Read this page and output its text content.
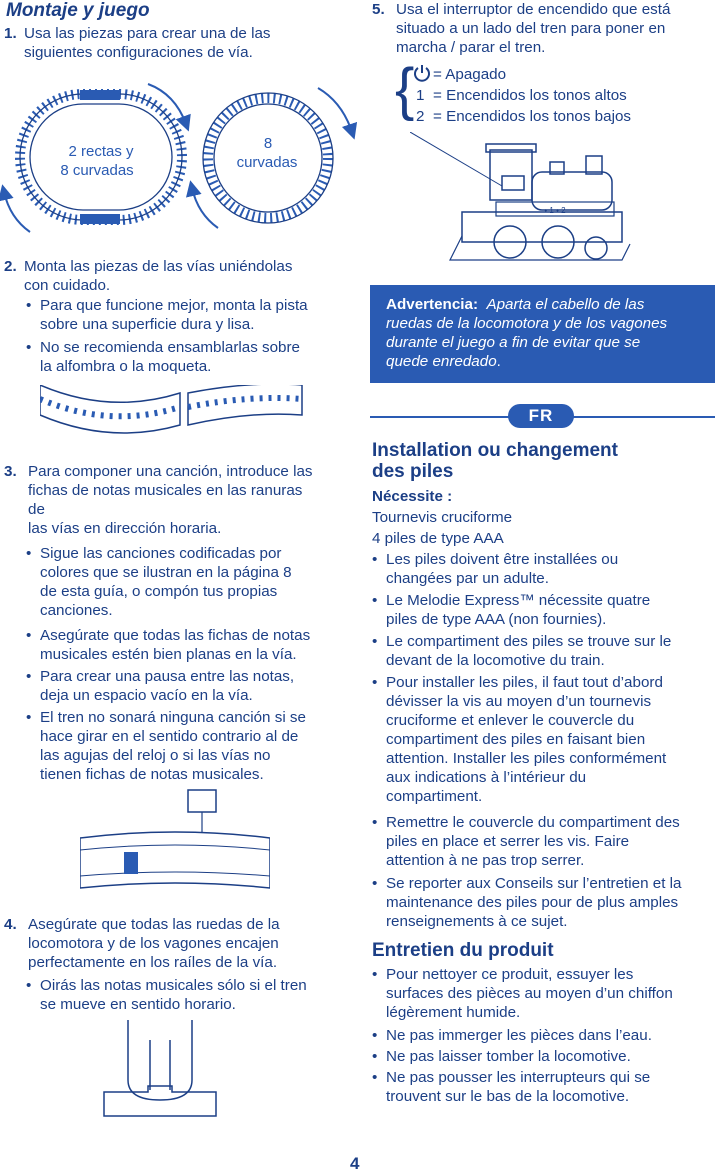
Montaje y juego
1. Usa las piezas para crear una de las
siguientes configuraciones de vía.
2 rectas y
8 curvadas
8
curvadas
2. Monta las piezas de las vías uniéndolas
con cuidado.
• Para que funcione mejor, monta la pista
sobre una superficie dura y lisa.
• No se recomienda ensamblarlas sobre
la alfombra o la moqueta.
3. Para componer una canción, introduce las
fichas de notas musicales en las ranuras
de
las vías en dirección horaria.
• Sigue las canciones codificadas por
colores que se ilustran en la página 8
de esta guía, o compón tus propias
canciones.
• Asegúrate que todas las fichas de notas
musicales estén bien planas en la vía.
• Para crear una pausa entre las notas,
deja un espacio vacío en la vía.
• El tren no sonará ninguna canción si se
hace girar en el sentido contrario al de
las agujas del reloj o si las vías no
tienen fichas de notas musicales.
4. Asegúrate que todas las ruedas de la
locomotora y de los vagones encajen
perfectamente en los raíles de la vía.
• Oirás las notas musicales sólo si el tren
se mueve en sentido horario.
5. Usa el interruptor de encendido que está
situado a un lado del tren para poner en
marcha / parar el tren.
{ = Apagado
1 = Encendidos los tonos altos
2 = Encendidos los tonos bajos
• 1 • 2
Advertencia: Aparta el cabello de las
ruedas de la locomotora y de los vagones
durante el juego a fin de evitar que se
quede enredado.
FR
Installation ou changement
des piles
Nécessite :
Tournevis cruciforme
4 piles de type AAA
• Les piles doivent être installées ou
changées par un adulte.
• Le Melodie Express™ nécessite quatre
piles de type AAA (non fournies).
• Le compartiment des piles se trouve sur le
devant de la locomotive du train.
• Pour installer les piles, il faut tout d’abord
dévisser la vis au moyen d’un tournevis
cruciforme et enlever le couvercle du
compartiment des piles en faisant bien
attention. Installer les piles conformément
aux indications à l’intérieur du
compartiment.
• Remettre le couvercle du compartiment des
piles en place et serrer les vis. Faire
attention à ne pas trop serrer.
• Se reporter aux Conseils sur l’entretien et la
maintenance des piles pour de plus amples
renseignements à ce sujet.
Entretien du produit
• Pour nettoyer ce produit, essuyer les
surfaces des pièces au moyen d’un chiffon
légèrement humide.
• Ne pas immerger les pièces dans l’eau.
• Ne pas laisser tomber la locomotive.
• Ne pas pousser les interrupteurs qui se
trouvent sur le bas de la locomotive.
4
